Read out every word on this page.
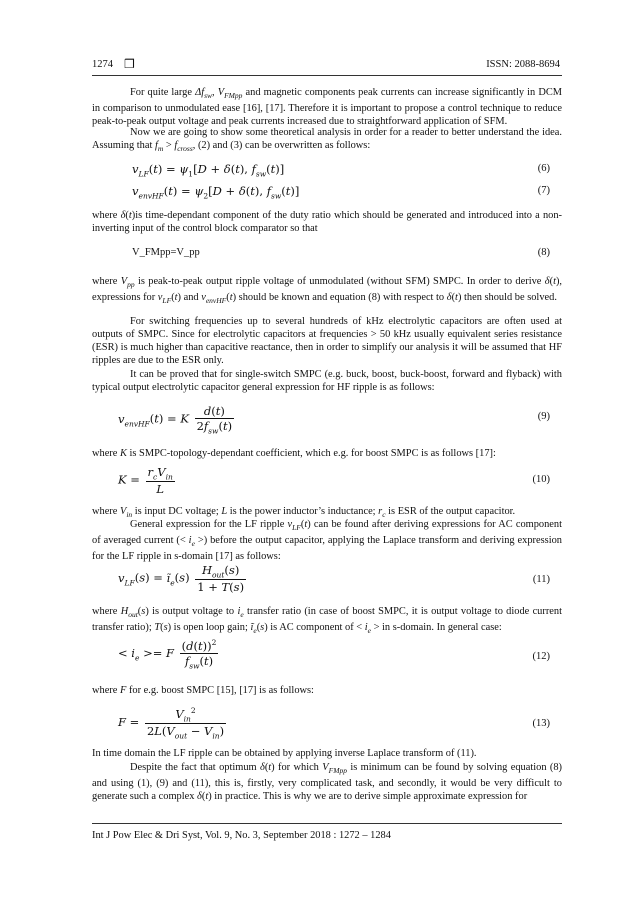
1274 ❒	ISSN: 2088-8694

For quite large $\Delta f_{sw}$, $V_{FMpp}$ and magnetic components peak currents can increase significantly in DCM in comparison to unmodulated ease [16], [17]. Therefore it is important to propose a control technique to reduce peak-to-peak output voltage and peak currents increased due to straightforward application of SFM.

Now we are going to show some theoretical analysis in order for a reader to better understand the idea. Assuming that $f_m > f_{cross}$, (2) and (3) can be overwritten as follows:

$v_{LF}(t) = \psi_1[D + \delta(t)$, $f_{sw}(t)$]	(6)
$v_{envHF}(t) = \psi_2[D + \delta(t)$, $f_{sw}(t)$]	(7)

where δ(t)is time-dependant component of the duty ratio which should be generated and introduced into a non-inverting input of the control block comparator so that

V_FMpp=V_pp	(8)

where $V_{pp}$ is peak-to-peak output ripple voltage of unmodulated (without SFM) SMPC. In order to derive δ(t), expressions for $v_{LF}(t)$ and $v_{envHF}(t)$ should be known and equation (8) with respect to δ(t) then should be solved.

For switching frequencies up to several hundreds of kHz electrolytic capacitors are often used at outputs of SMPC. Since for electrolytic capacitors at frequencies > 50 kHz usually equivalent series resistance (ESR) is much higher than capacitive reactance, then in order to simplify our analysis it will be assumed that HF ripples are due to the ESR only.

It can be proved that for single-switch SMPC (e.g. buck, boost, buck-boost, forward and flyback) with typical output electrolytic capacitor general expression for HF ripple is as follows:

$v_{envHF}(t) = K \frac{d(t)}{2f_{sw}(t)}$	(9)

where K is SMPC-topology-dependant coefficient, which e.g. for boost SMPC is as follows [17]:

$K = \frac{r_cV_{in}}{L}$	(10)

where $V_{in}$ is input DC voltage; L is the power inductor’s inductance; $r_c$ is ESR of the output capacitor.

General expression for the LF ripple $v_{LF}(t)$ can be found after deriving expressions for AC component of averaged current (< $i_e$ >) before the output capacitor, applying the Laplace transform and deriving expression for the LF ripple in s-domain [17] as follows:

$v_{LF}(s)$ = $ĩ_e(s) \frac{H_{out}(s)}{1 + T(s)}$	(11)

where $H_{out}(s)$ is output voltage to $i_e$ transfer ratio (in case of boost SMPC, it is output voltage to diode current transfer ratio); T(s) is open loop gain; $ĩ_e(s)$ is AC component of < $i_e$ > in s-domain. In general case:

< $i_e >= F \frac{(d(t))^2}{f_{sw}(t)}$	(12)

where F for e.g. boost SMPC [15], [17] is as follows:

$F = \frac{V_{in}^2}{2L(V_{out} - V_{in})}$	(13)

In time domain the LF ripple can be obtained by applying inverse Laplace transform of (11).

Despite the fact that optimum δ(t) for which $V_{FMpp}$ is minimum can be found by solving equation (8) and using (1), (9) and (11), this is, firstly, very complicated task, and secondly, it would be very difficult to generate such a complex δ(t) in practice. This is why we are to derive simple approximate expression for

Int J Pow Elec & Dri Syst, Vol. 9, No. 3, September 2018 : 1272 – 1284
